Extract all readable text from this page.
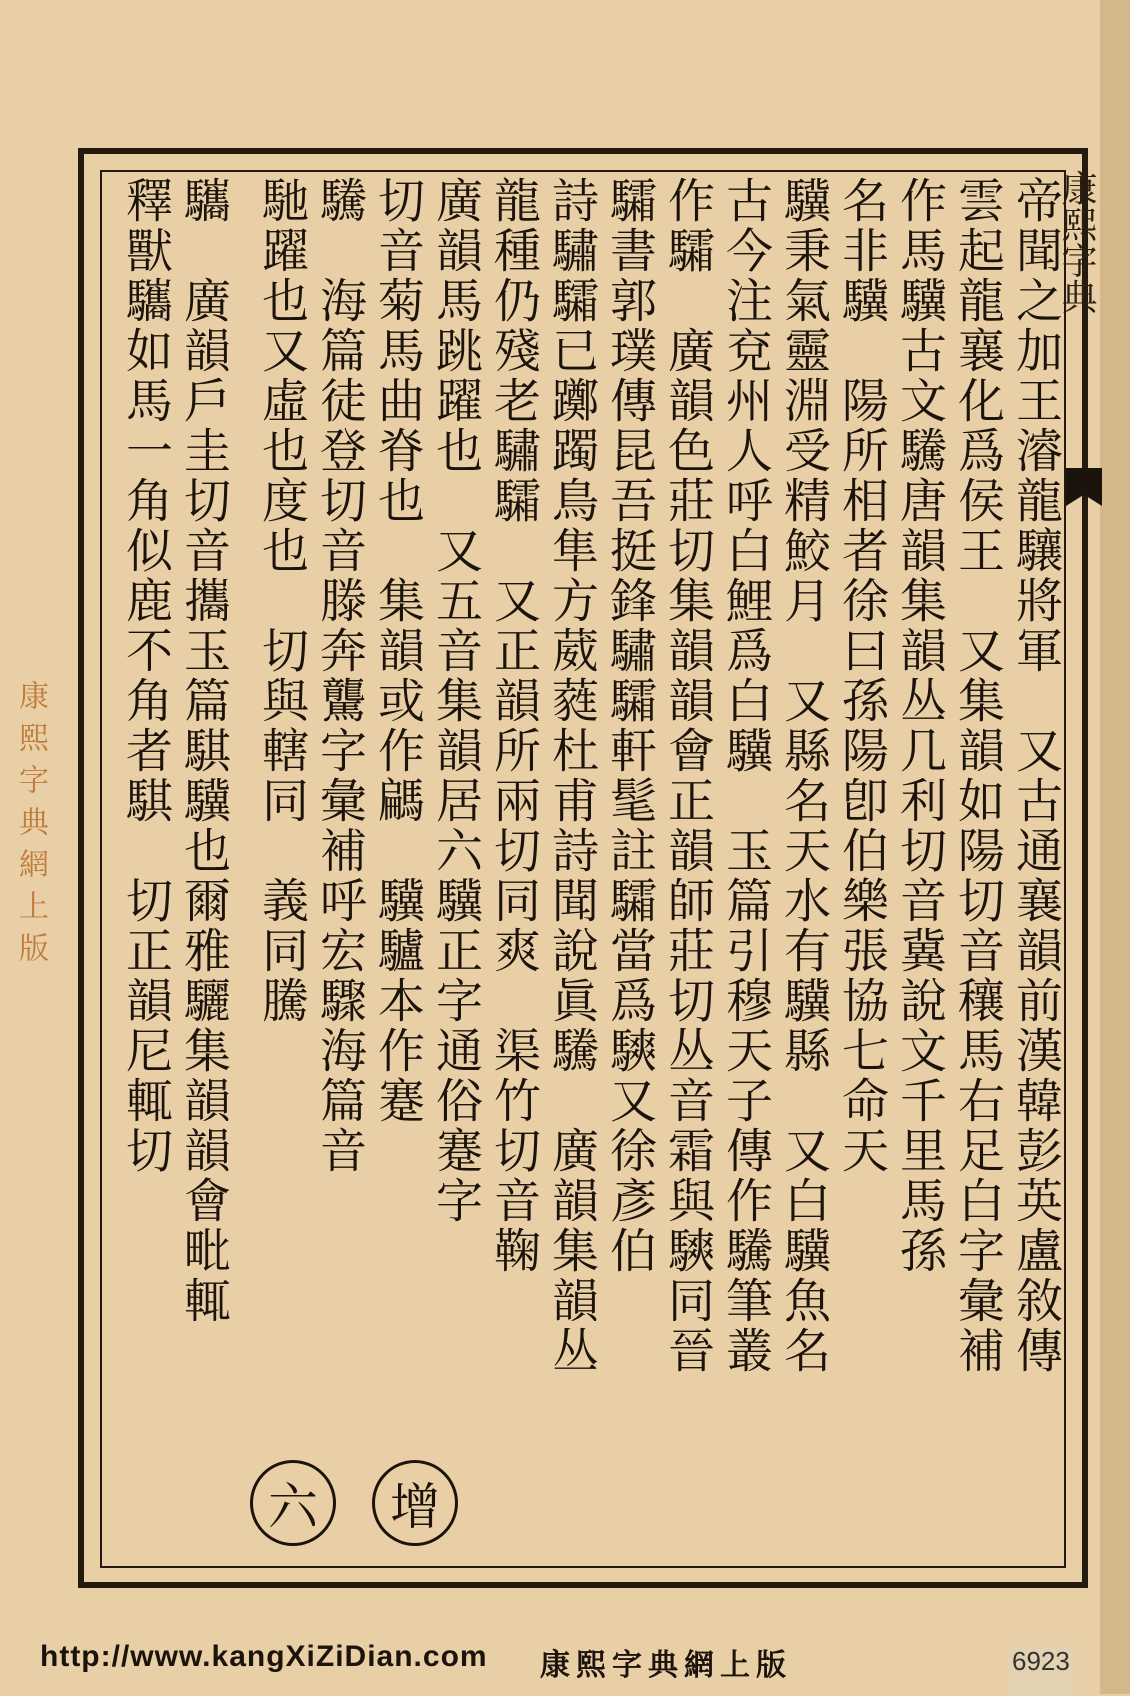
康熙字典網上版
康熙字典
帝聞之加王濬龍驤將軍　又古通襄韻前漢韓彭英盧敘傳
雲起龍襄化爲侯王　又集韻如陽切音穰馬右足白字彙補
作馬驥古文驣唐韻集韻丛几利切音冀說文千里馬孫
名非驥　陽所相者徐曰孫陽卽伯樂張協七命天
驥秉氣靈淵受精鮫月　又縣名天水有驥縣　又白驥魚名
古今注兗州人呼白鯉爲白驥　玉篇引穆天子傳作驣筆叢
作驦　廣韻色莊切集韻韻會正韻師莊切丛音霜與騻同晉
驦書郭璞傳昆吾挺鋒驌驦軒髦註驦當爲騻又徐彥伯
詩驌驦已躑躅鳥隼方葳蕤杜甫詩聞說眞驣　廣韻集韻丛
龍種仍殘老驌驦　又正韻所兩切同爽　渠竹切音鞠
廣韻馬跳躍也　又五音集韻居六驥正字通俗蹇字
切音菊馬曲脊也　集韻或作騗　驥驢本作蹇
驣　海篇徒登切音滕奔驡字彙補呼宏驟海篇音
馳躍也又虛也度也　切與轄同　義同騰
驨　廣韻戶圭切音攜玉篇騏驥也爾雅驪集韻韻會毗輒
釋獸驨如馬一角似鹿不角者騏　切正韻尼輒切
增
六
http://www.kangXiZiDian.com 康熙字典網上版	6923
